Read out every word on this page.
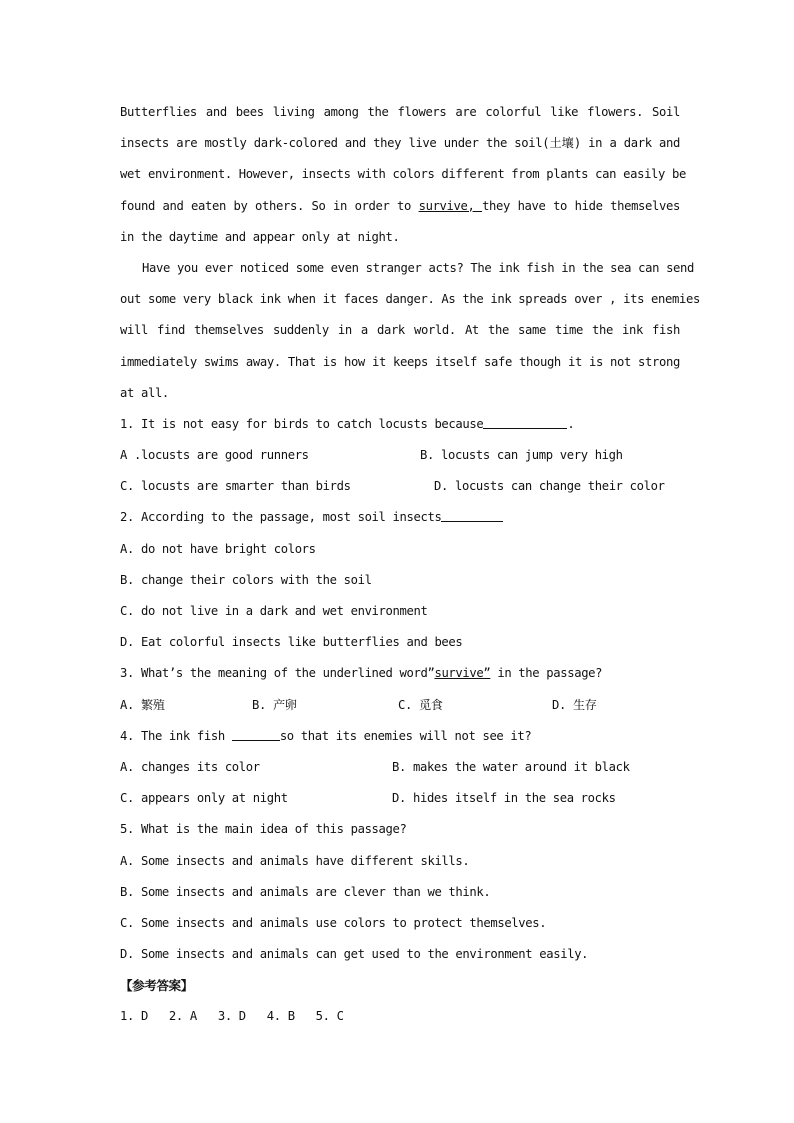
Butterflies and bees living among the flowers are colorful like flowers. Soil
insects are mostly dark-colored and they live under the soil(土壤) in a dark and
wet environment. However, insects with colors different from plants can easily be
found and eaten by others. So in order to survive, they have to hide themselves
in the daytime and appear only at night.
Have you ever noticed some even stranger acts? The ink fish in the sea can send
out some very black ink when it faces danger. As the ink spreads over , its enemies
will find themselves suddenly in a dark world. At the same time the ink fish
immediately swims away. That is how it keeps itself safe though it is not strong
at all.
1. It is not easy for birds to catch locusts because	.
A .locusts are good runners	B. locusts can jump very high
C. locusts are smarter than birds	D. locusts can change their color
2. According to the passage, most soil insects
A. do not have bright colors
B. change their colors with the soil
C. do not live in a dark and wet environment
D. Eat colorful insects like butterflies and bees
3. What’s the meaning of the underlined word”survive” in the passage?
A. 繁殖	B. 产卵	C. 觅食	D. 生存
4. The ink fish	so that its enemies will not see it?
A. changes its color	B. makes the water around it black
C. appears only at night	D. hides itself in the sea rocks
5. What is the main idea of this passage?
A. Some insects and animals have different skills.
B. Some insects and animals are clever than we think.
C. Some insects and animals use colors to protect themselves.
D. Some insects and animals can get used to the environment easily.
【参考答案】
1. D   2. A   3. D   4. B   5. C
